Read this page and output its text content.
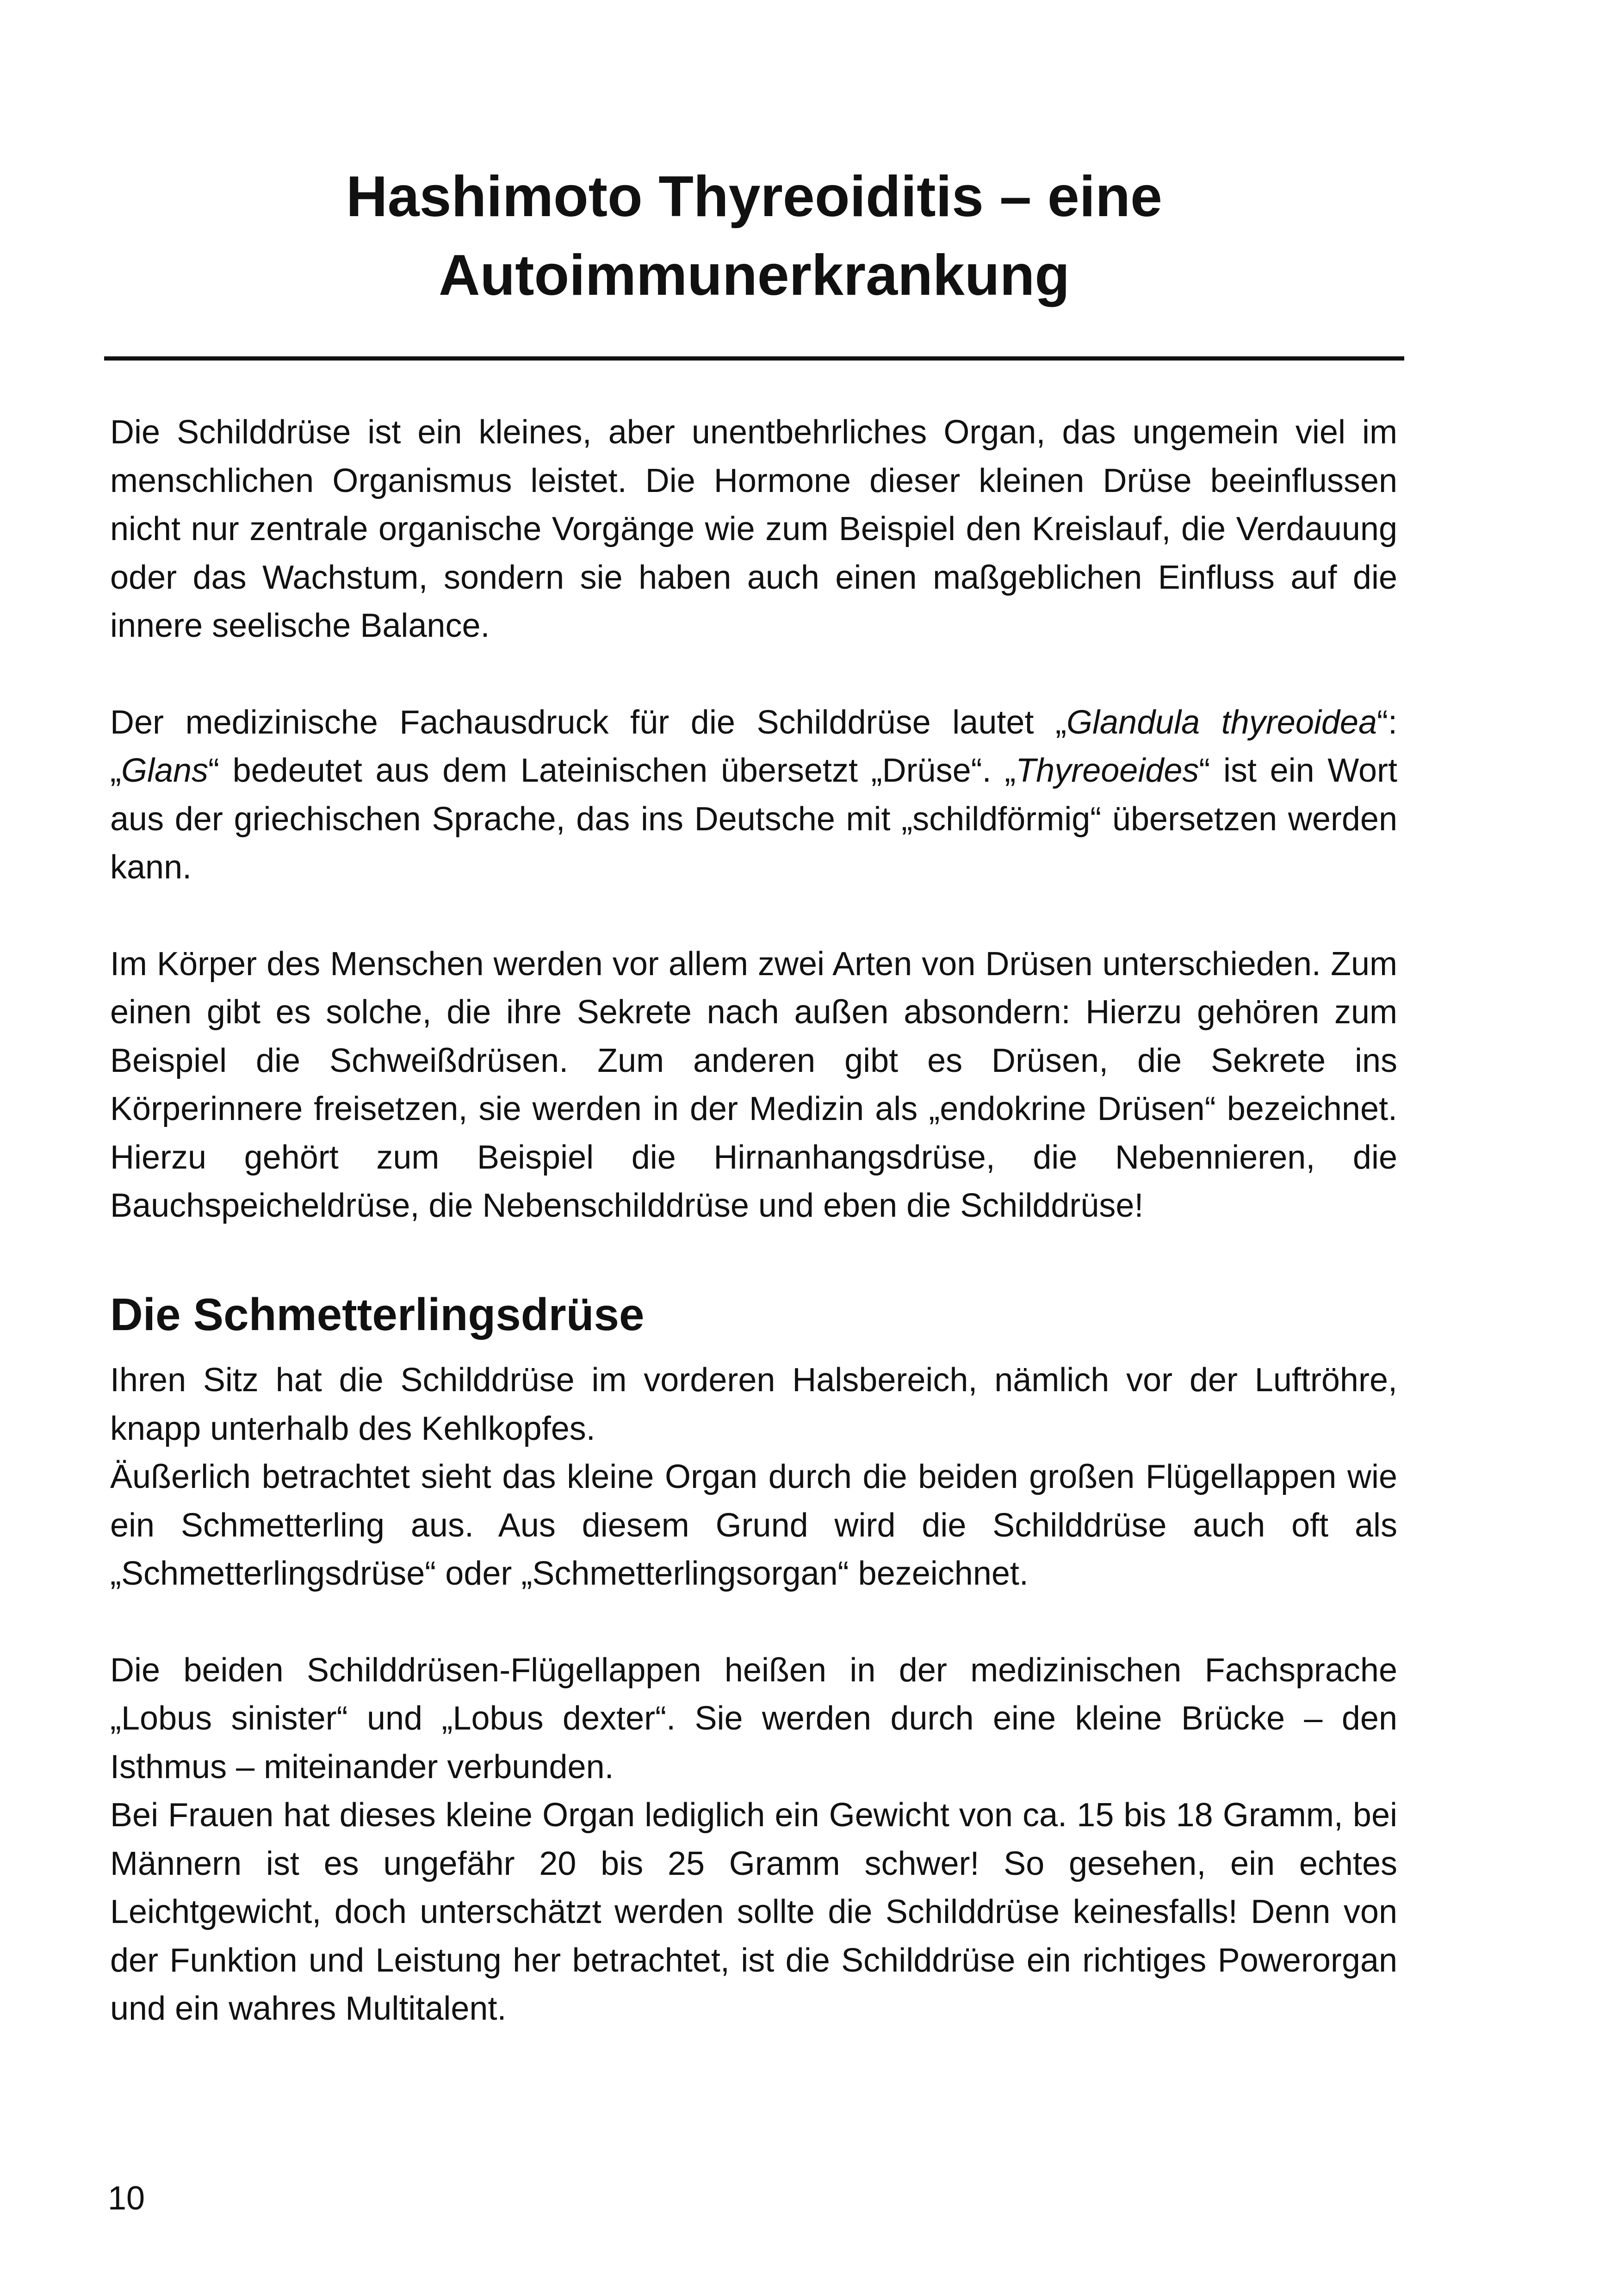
Hashimoto Thyreoiditis – eine
Autoimmunerkrankung

Die Schilddrüse ist ein kleines, aber unentbehrliches Organ, das ungemein viel im menschlichen Organismus leistet. Die Hormone dieser kleinen Drüse beeinflussen nicht nur zentrale organische Vorgänge wie zum Beispiel den Kreislauf, die Verdauung oder das Wachstum, sondern sie haben auch einen maßgeblichen Einfluss auf die innere seelische Balance.

Der medizinische Fachausdruck für die Schilddrüse lautet „Glandula thyreoidea“: „Glans“ bedeutet aus dem Lateinischen übersetzt „Drüse“. „Thyreoeides“ ist ein Wort aus der griechischen Sprache, das ins Deutsche mit „schildförmig“ übersetzen werden kann.

Im Körper des Menschen werden vor allem zwei Arten von Drüsen unterschieden. Zum einen gibt es solche, die ihre Sekrete nach außen absondern: Hierzu gehören zum Beispiel die Schweißdrüsen. Zum anderen gibt es Drüsen, die Sekrete ins Körperinnere freisetzen, sie werden in der Medizin als „endokrine Drüsen“ bezeichnet. Hierzu gehört zum Beispiel die Hirnanhangsdrüse, die Nebennieren, die Bauchspeicheldrüse, die Nebenschilddrüse und eben die Schilddrüse!

Die Schmetterlingsdrüse

Ihren Sitz hat die Schilddrüse im vorderen Halsbereich, nämlich vor der Luftröhre, knapp unterhalb des Kehlkopfes.

Äußerlich betrachtet sieht das kleine Organ durch die beiden großen Flügellappen wie ein Schmetterling aus. Aus diesem Grund wird die Schilddrüse auch oft als „Schmetterlingsdrüse“ oder „Schmetterlingsorgan“ bezeichnet.

Die beiden Schilddrüsen-Flügellappen heißen in der medizinischen Fachsprache „Lobus sinister“ und „Lobus dexter“. Sie werden durch eine kleine Brücke – den Isthmus – miteinander verbunden.

Bei Frauen hat dieses kleine Organ lediglich ein Gewicht von ca. 15 bis 18 Gramm, bei Männern ist es ungefähr 20 bis 25 Gramm schwer! So gesehen, ein echtes Leichtgewicht, doch unterschätzt werden sollte die Schilddrüse keinesfalls! Denn von der Funktion und Leistung her betrachtet, ist die Schilddrüse ein richtiges Powerorgan und ein wahres Multitalent.

10
